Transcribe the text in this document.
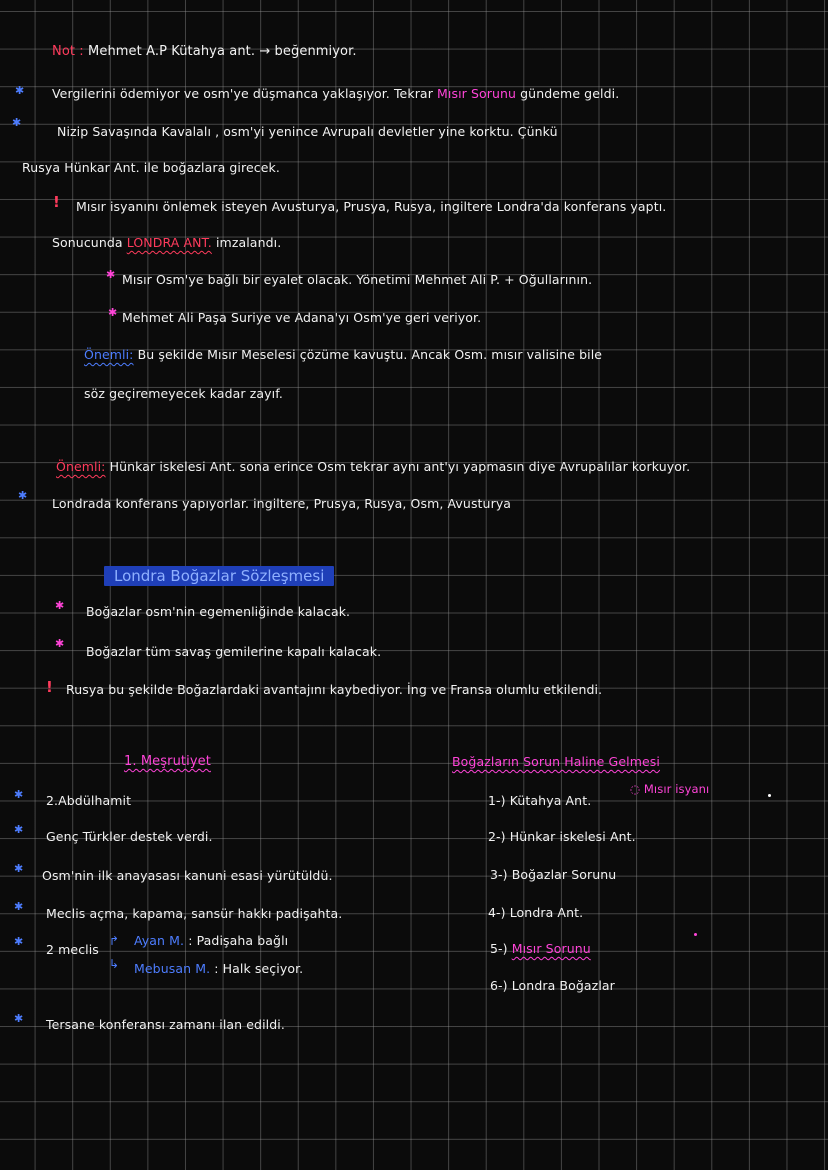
Not : Mehmet A.P Kütahya ant. → beğenmiyor.
✱ Vergilerini ödemiyor ve osm'ye düşmanca yaklaşıyor. Tekrar Mısır Sorunu gündeme geldi.
✱
Nizip Savaşında Kavalalı , osm'yi yenince Avrupalı devletler yine korktu. Çünkü
Rusya Hünkar Ant. ile boğazlara girecek.
! Mısır isyanını önlemek isteyen Avusturya, Prusya, Rusya, ingiltere Londra'da konferans yaptı.
Sonucunda LONDRA ANT. imzalandı.
✱ Mısır Osm'ye bağlı bir eyalet olacak. Yönetimi Mehmet Ali P. + Oğullarının.
✱ Mehmet Ali Paşa Suriye ve Adana'yı Osm'ye geri veriyor.
Önemli: Bu şekilde Mısır Meselesi çözüme kavuştu. Ancak Osm. mısır valisine bile
söz geçiremeyecek kadar zayıf.
Önemli: Hünkar iskelesi Ant. sona erince Osm tekrar aynı ant'yı yapmasın diye Avrupalılar korkuyor.
✱
Londrada konferans yapıyorlar. ingiltere, Prusya, Rusya, Osm, Avusturya
Londra Boğazlar Sözleşmesi
✱ Boğazlar osm'nin egemenliğinde kalacak.
✱
Boğazlar tüm savaş gemilerine kapalı kalacak.
! Rusya bu şekilde Boğazlardaki avantajını kaybediyor. İng ve Fransa olumlu etkilendi.
1. Meşrutiyet
✱ 2.Abdülhamit
✱ Genç Türkler destek verdi.
✱ Osm'nin ilk anayasası kanuni esasi yürütüldü.
✱ Meclis açma, kapama, sansür hakkı padişahta.
✱
2 meclis
↱
↳
Ayan M. : Padişaha bağlı
Mebusan M. : Halk seçiyor.
✱ Tersane konferansı zamanı ilan edildi.
Boğazların Sorun Haline Gelmesi
◌ Mısır isyanı
1-) Kütahya Ant.
2-) Hünkar iskelesi Ant.
3-) Boğazlar Sorunu
4-) Londra Ant.
5-) Mısır Sorunu
6-) Londra Boğazlar
